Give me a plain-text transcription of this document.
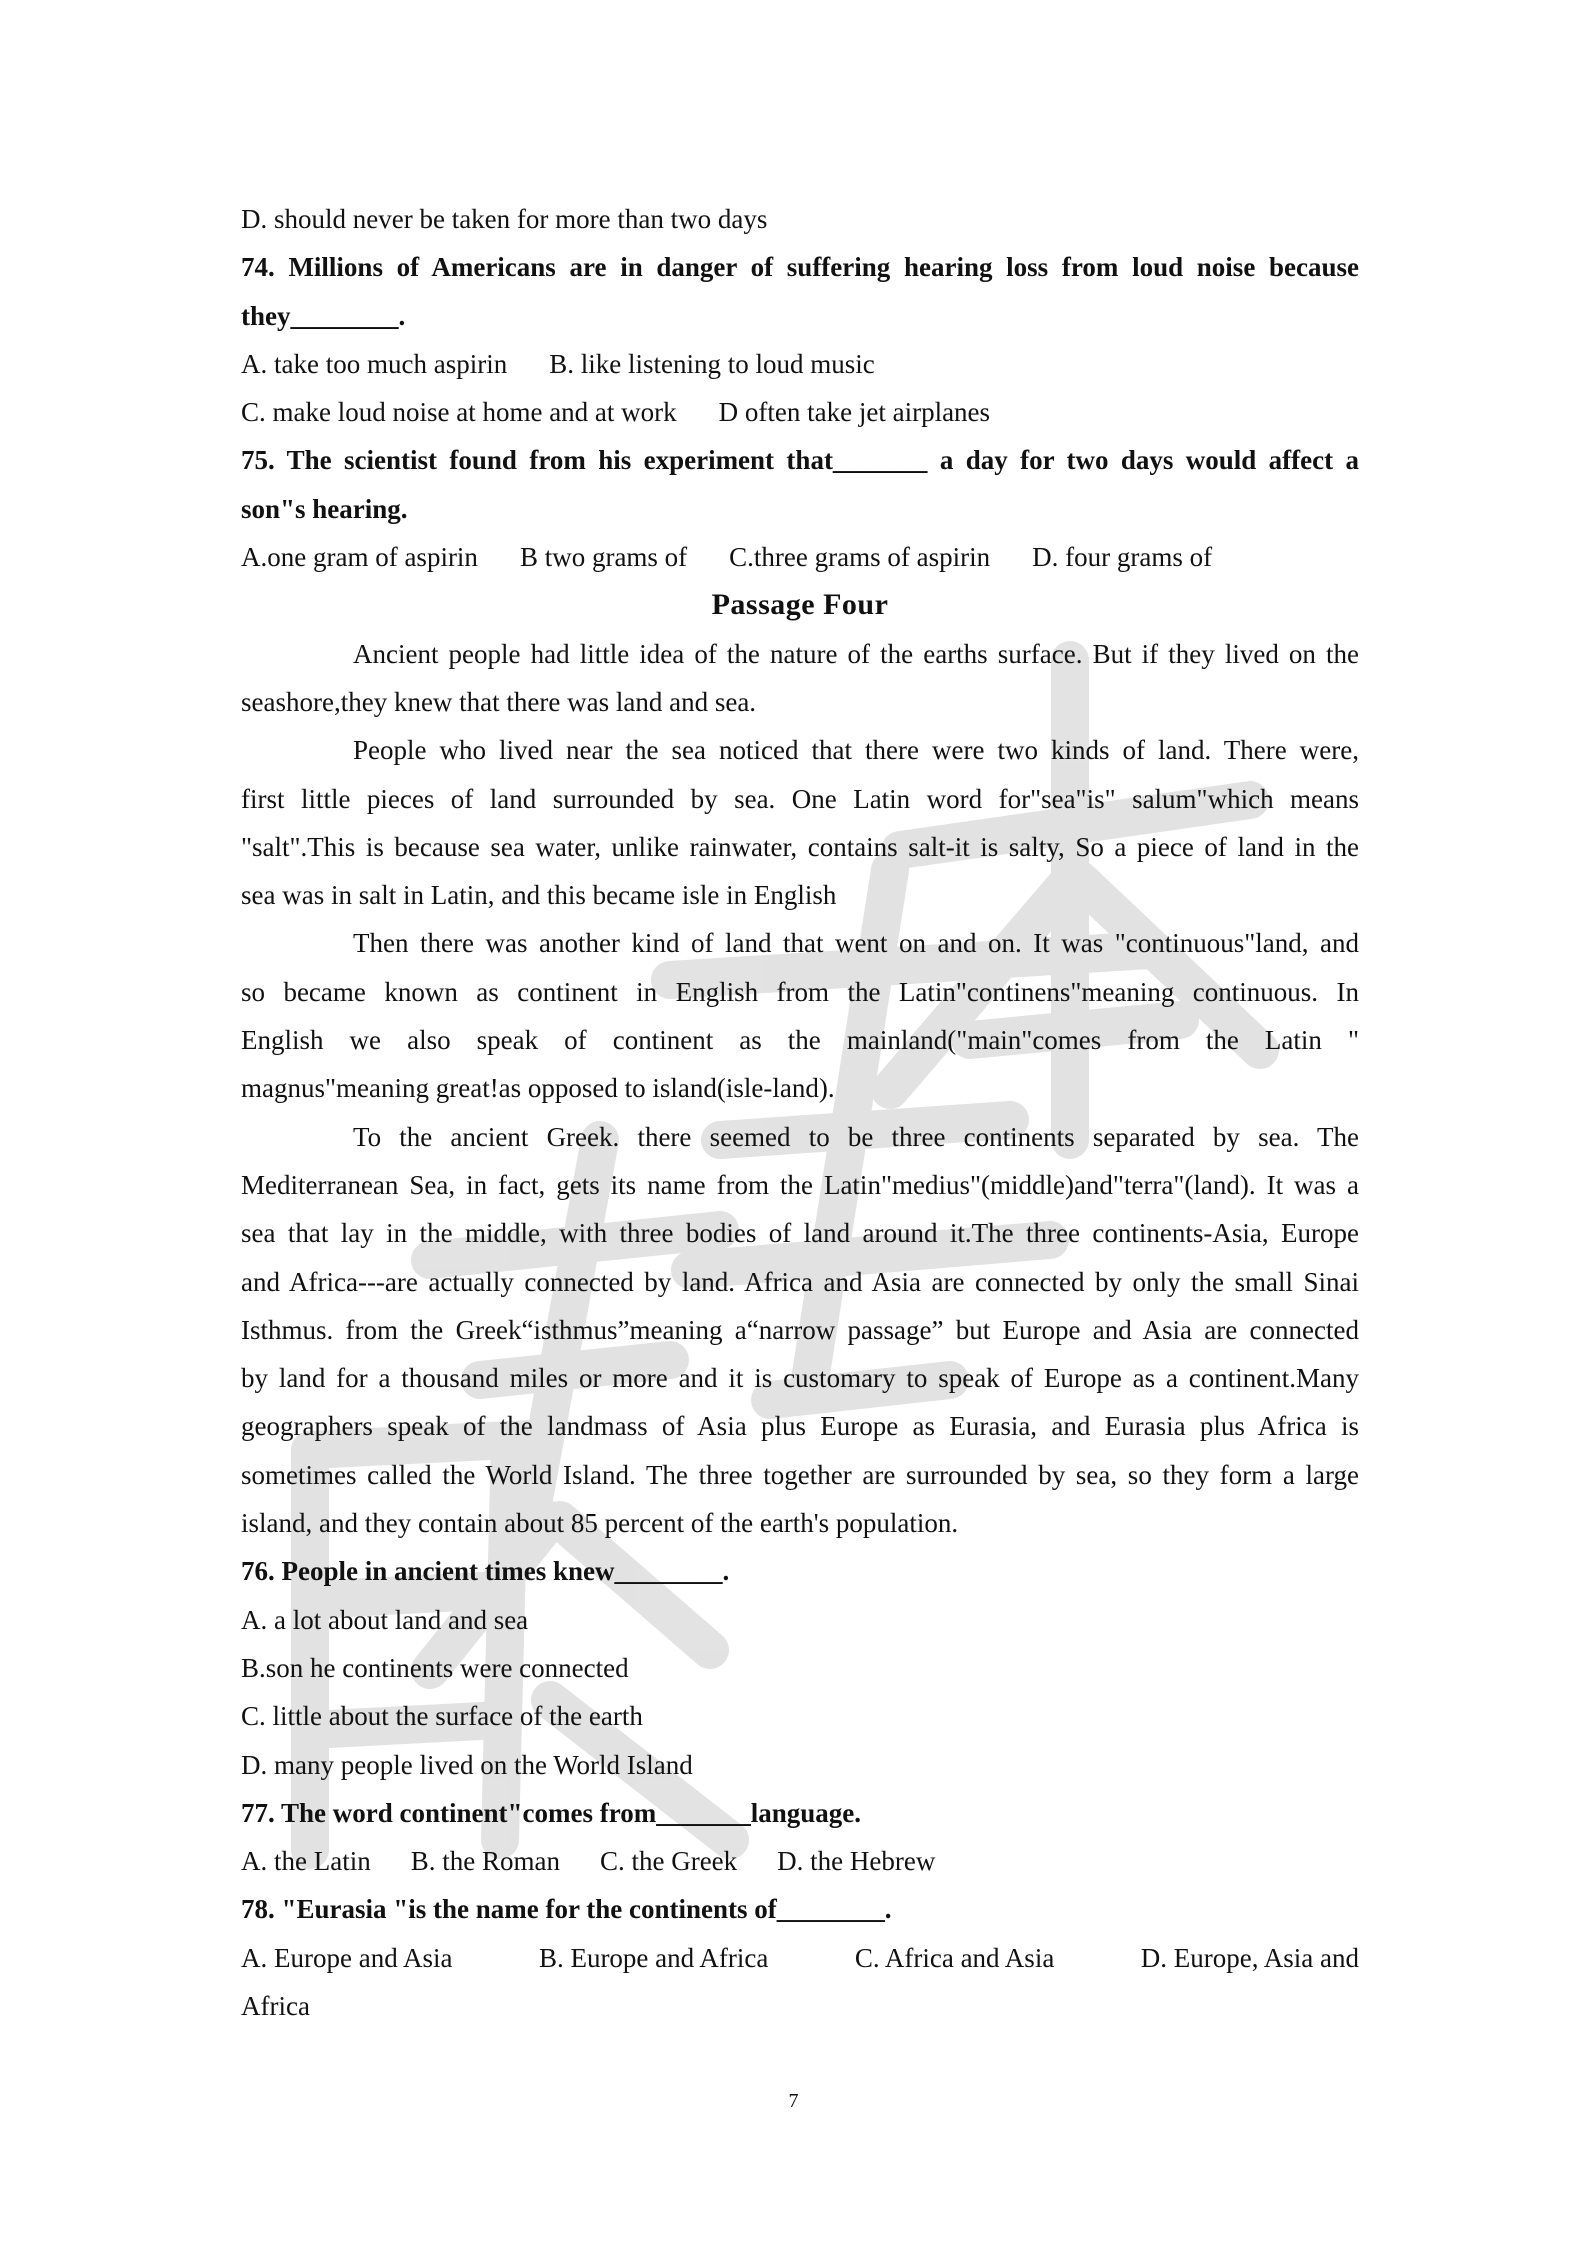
D. should never be taken for more than two days
74. Millions of Americans are in danger of suffering hearing loss from loud noise because
they________.
A. take too much aspirin B. like listening to loud music
C. make loud noise at home and at work D often take jet airplanes
75. The scientist found from his experiment that_______ a day for two days would affect a
son"s hearing.
A.one gram of aspirin B two grams of C.three grams of aspirin D. four grams of
Passage Four
Ancient people had little idea of the nature of the earths surface. But if they lived on the
seashore,they knew that there was land and sea.
People who lived near the sea noticed that there were two kinds of land. There were,
first little pieces of land surrounded by sea. One Latin word for"sea"is" salum"which means
"salt".This is because sea water, unlike rainwater, contains salt-it is salty, So a piece of land in the
sea was in salt in Latin, and this became isle in English
Then there was another kind of land that went on and on. It was "continuous"land, and
so became known as continent in English from the Latin"continens"meaning continuous. In
English we also speak of continent as the mainland("main"comes from the Latin "
magnus"meaning great!as opposed to island(isle-land).
To the ancient Greek. there seemed to be three continents separated by sea. The
Mediterranean Sea, in fact, gets its name from the Latin"medius"(middle)and"terra"(land). It was a
sea that lay in the middle, with three bodies of land around it.The three continents-Asia, Europe
and Africa---are actually connected by land. Africa and Asia are connected by only the small Sinai
Isthmus. from the Greek“isthmus”meaning a“narrow passage” but Europe and Asia are connected
by land for a thousand miles or more and it is customary to speak of Europe as a continent.Many
geographers speak of the landmass of Asia plus Europe as Eurasia, and Eurasia plus Africa is
sometimes called the World Island. The three together are surrounded by sea, so they form a large
island, and they contain about 85 percent of the earth's population.
76. People in ancient times knew________.
A. a lot about land and sea
B.son he continents were connected
C. little about the surface of the earth
D. many people lived on the World Island
77. The word continent"comes from_______language.
A. the Latin B. the Roman C. the Greek D. the Hebrew
78. "Eurasia "is the name for the continents of________.
A. Europe and Asia	B. Europe and Africa	C. Africa and Asia	D. Europe, Asia and
Africa
7
